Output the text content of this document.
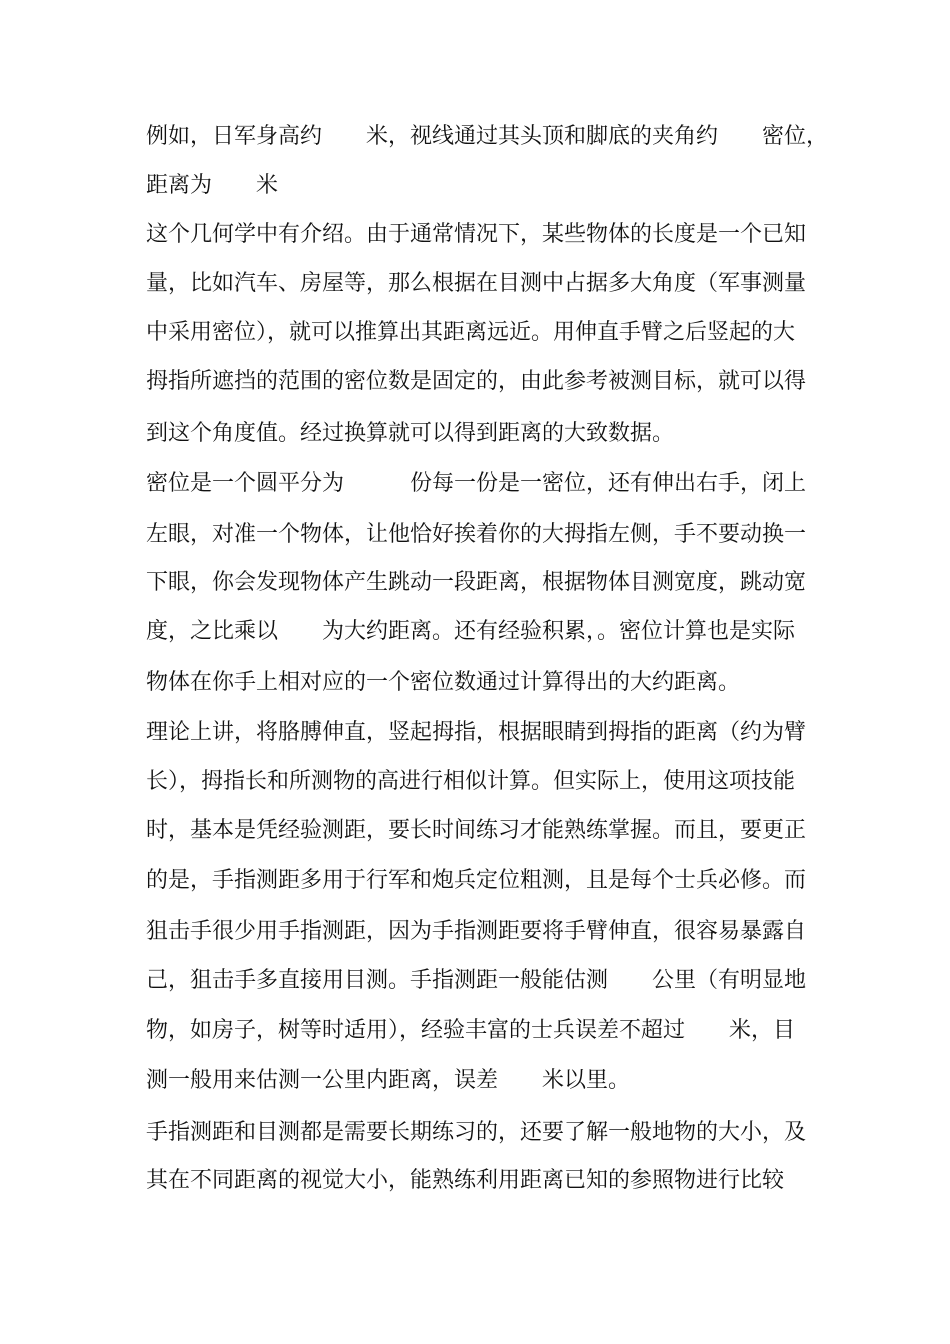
例如，日军身高约　　米，视线通过其头顶和脚底的夹角约　　密位，

距离为　　米

这个几何学中有介绍。由于通常情况下，某些物体的长度是一个已知

量，比如汽车、房屋等，那么根据在目测中占据多大角度（军事测量

中采用密位），就可以推算出其距离远近。用伸直手臂之后竖起的大

拇指所遮挡的范围的密位数是固定的，由此参考被测目标，就可以得

到这个角度值。经过换算就可以得到距离的大致数据。

密位是一个圆平分为　　　份每一份是一密位，还有伸出右手，闭上

左眼，对准一个物体，让他恰好挨着你的大拇指左侧，手不要动换一

下眼，你会发现物体产生跳动一段距离，根据物体目测宽度，跳动宽

度，之比乘以　　为大约距离。还有经验积累，。密位计算也是实际

物体在你手上相对应的一个密位数通过计算得出的大约距离。

理论上讲，将胳膊伸直，竖起拇指，根据眼睛到拇指的距离（约为臂

长），拇指长和所测物的高进行相似计算。但实际上，使用这项技能

时，基本是凭经验测距，要长时间练习才能熟练掌握。而且，要更正

的是，手指测距多用于行军和炮兵定位粗测，且是每个士兵必修。而

狙击手很少用手指测距，因为手指测距要将手臂伸直，很容易暴露自

己，狙击手多直接用目测。手指测距一般能估测　　公里（有明显地

物，如房子，树等时适用），经验丰富的士兵误差不超过　　米，目

测一般用来估测一公里内距离，误差　　米以里。

手指测距和目测都是需要长期练习的，还要了解一般地物的大小，及

其在不同距离的视觉大小，能熟练利用距离已知的参照物进行比较
